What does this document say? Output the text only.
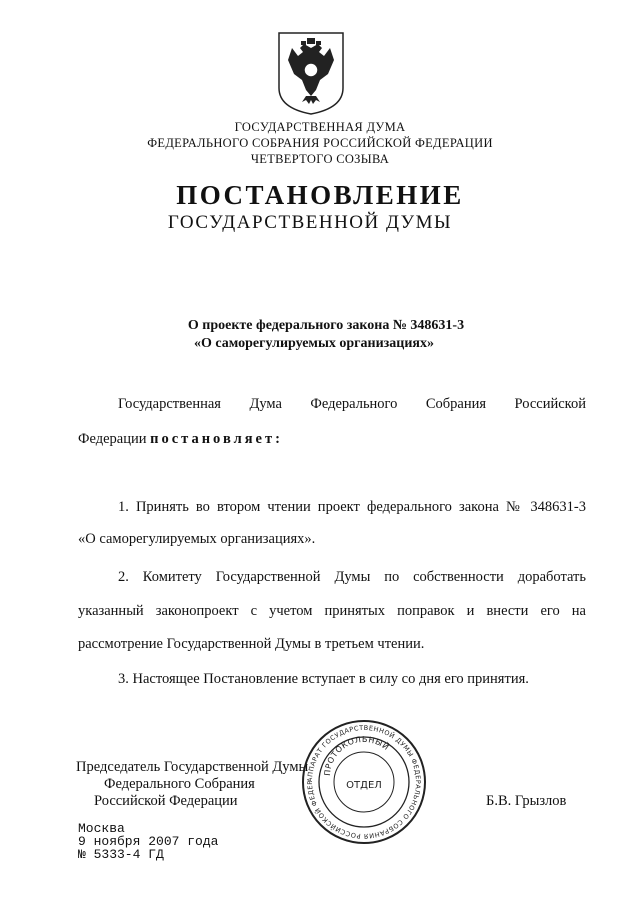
ГОСУДАРСТВЕННАЯ ДУМА
ФЕДЕРАЛЬНОГО СОБРАНИЯ РОССИЙСКОЙ ФЕДЕРАЦИИ
ЧЕТВЕРТОГО СОЗЫВА
ПОСТАНОВЛЕНИЕ
ГОСУДАРСТВЕННОЙ ДУМЫ
О проекте федерального закона № 348631-3
«О саморегулируемых организациях»
Государственная Дума Федерального Собрания Российской
Федерации постановляет:
1. Принять во втором чтении проект федерального закона № 348631-3
«О саморегулируемых организациях».
2. Комитету Государственной Думы по собственности доработать
указанный законопроект с учетом принятых поправок и внести его на
рассмотрение Государственной Думы в третьем чтении.
3. Настоящее Постановление вступает в силу со дня его принятия.
Председатель Государственной Думы
Федерального Собрания
Российской Федерации	Б.В. Грызлов
АППАРАТ ГОСУДАРСТВЕННОЙ ДУМЫ ФЕДЕРАЛЬНОГО СОБРАНИЯ РОССИЙСКОЙ ФЕДЕР
ПРОТОКОЛЬНЫЙ
ОТДЕЛ
Москва
9 ноября 2007 года
№ 5333-4 ГД
